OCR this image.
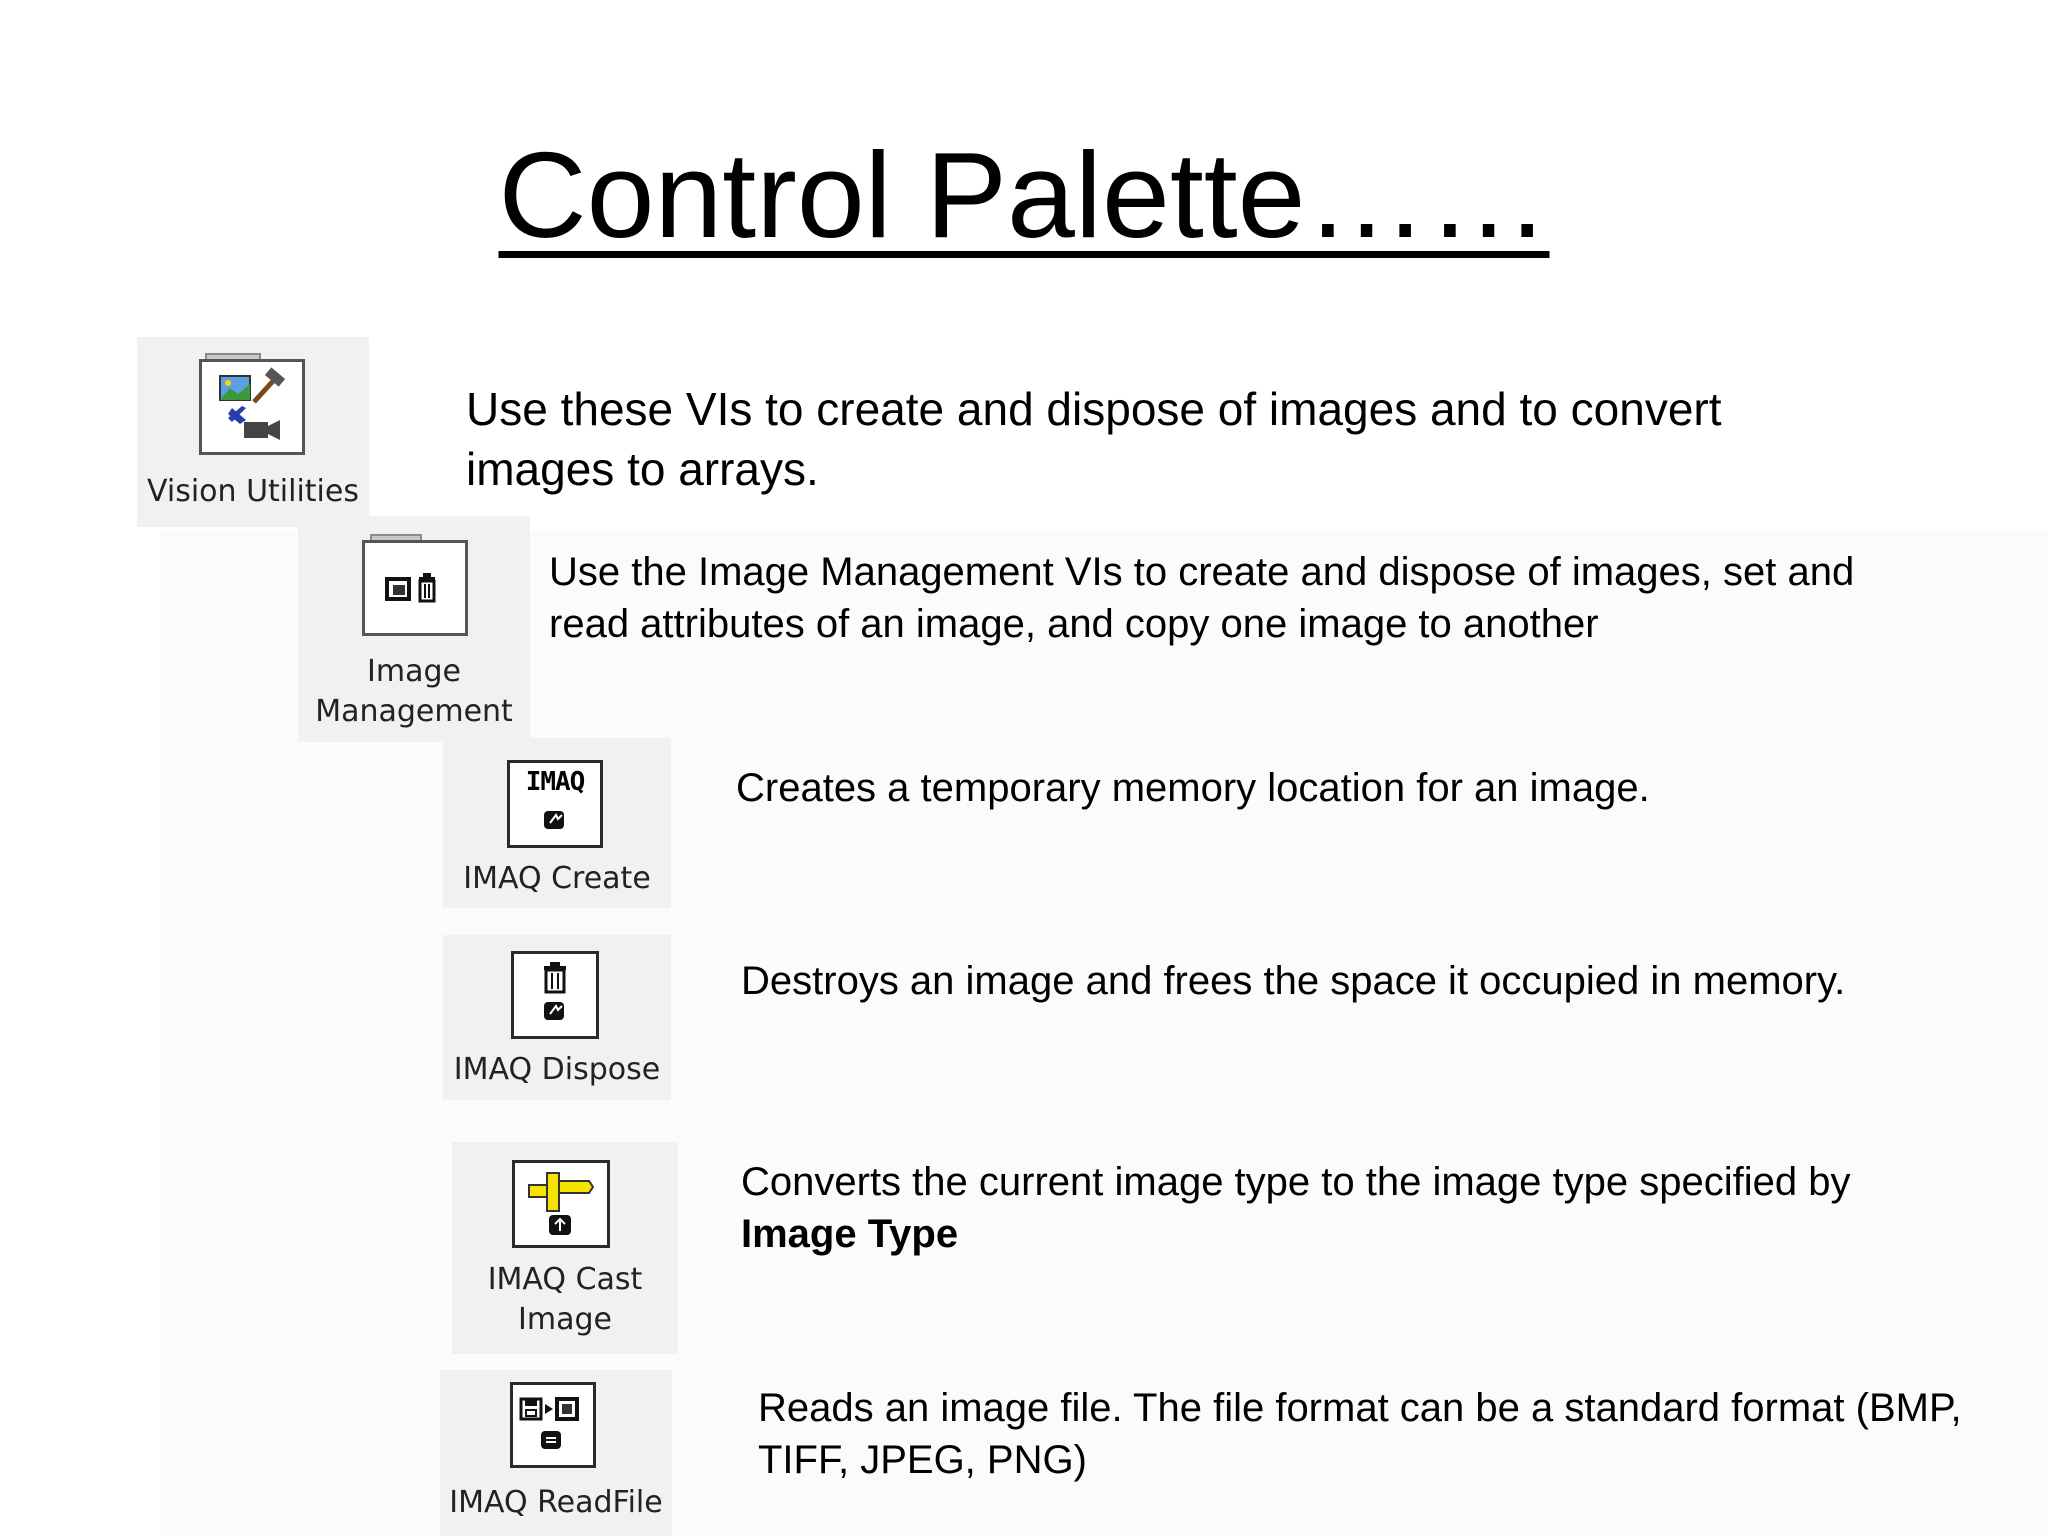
Control Palette……
Vision Utilities
Use these VIs to create and dispose of images and to convert images to arrays.
Image
Management
Use the Image Management VIs to create and dispose of images, set and read attributes of an image, and copy one image to another
IMAQ
IMAQ Create
Creates a temporary memory location for an image.
IMAQ Dispose
Destroys an image and frees the space it occupied in memory.
IMAQ Cast
Image
Converts the current image type to the image type specified by Image Type
IMAQ ReadFile
Reads an image file. The file format can be a standard format (BMP, TIFF, JPEG, PNG)
